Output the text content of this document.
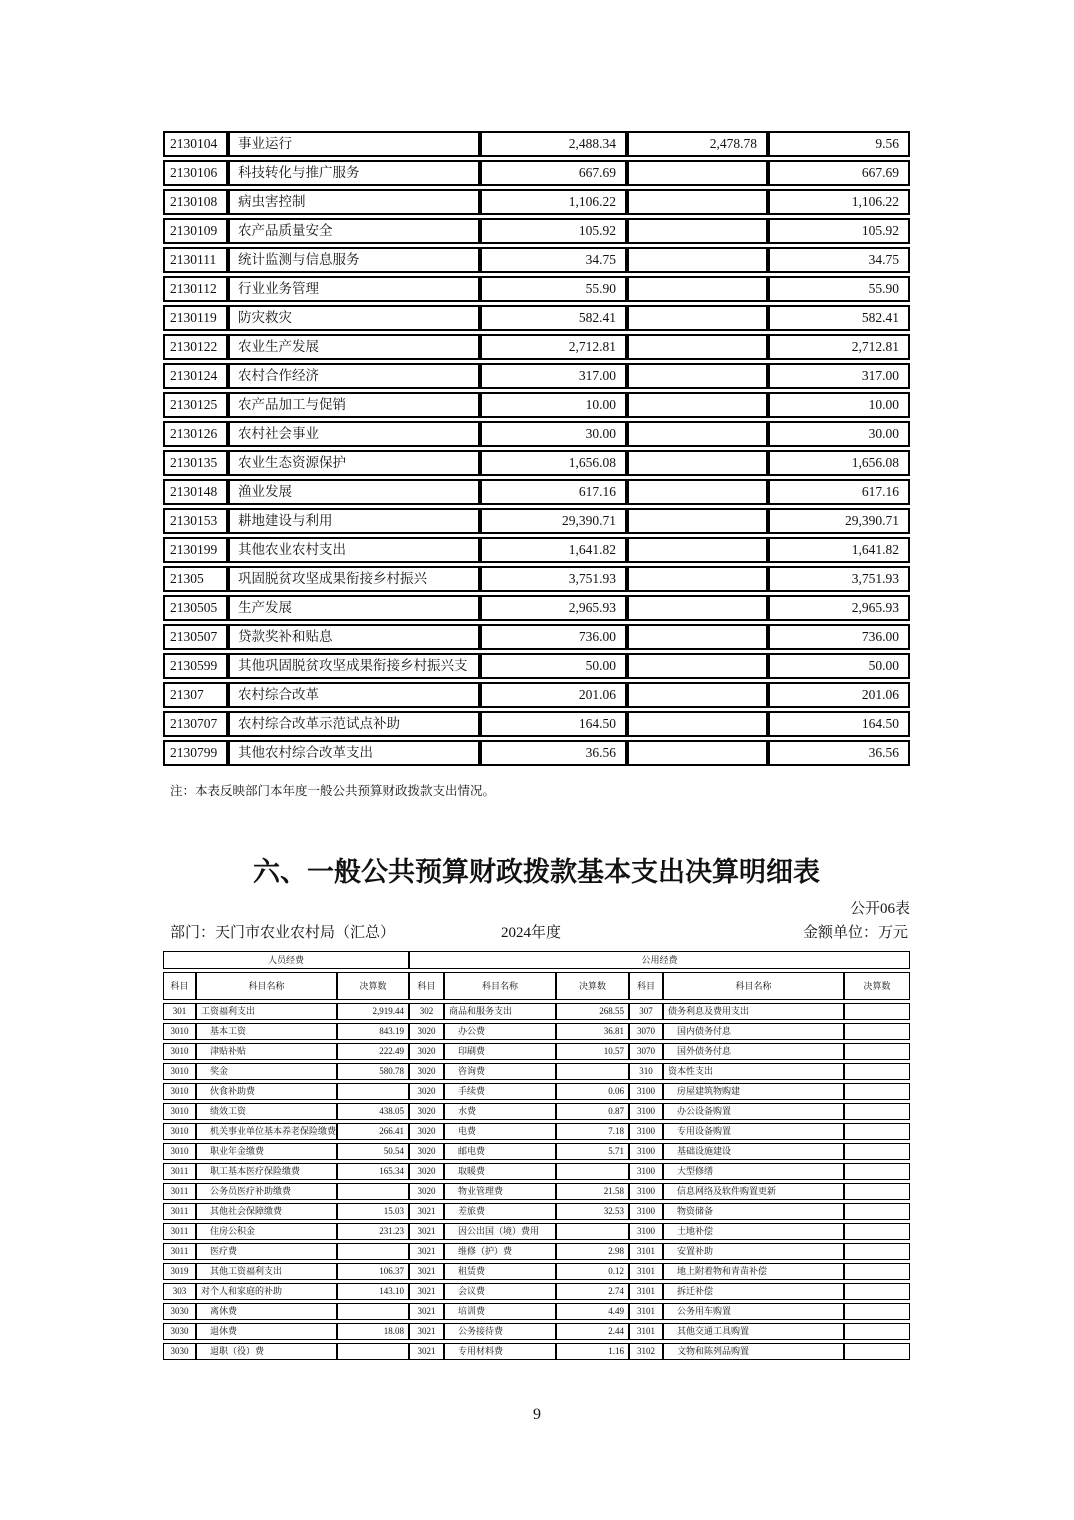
2130104	事业运行	2,488.34	2,478.78	9.56
2130106	科技转化与推广服务	667.69		667.69
2130108	病虫害控制	1,106.22		1,106.22
2130109	农产品质量安全	105.92		105.92
2130111	统计监测与信息服务	34.75		34.75
2130112	行业业务管理	55.90		55.90
2130119	防灾救灾	582.41		582.41
2130122	农业生产发展	2,712.81		2,712.81
2130124	农村合作经济	317.00		317.00
2130125	农产品加工与促销	10.00		10.00
2130126	农村社会事业	30.00		30.00
2130135	农业生态资源保护	1,656.08		1,656.08
2130148	渔业发展	617.16		617.16
2130153	耕地建设与利用	29,390.71		29,390.71
2130199	其他农业农村支出	1,641.82		1,641.82
21305	巩固脱贫攻坚成果衔接乡村振兴	3,751.93		3,751.93
2130505	生产发展	2,965.93		2,965.93
2130507	贷款奖补和贴息	736.00		736.00
2130599	其他巩固脱贫攻坚成果衔接乡村振兴支	50.00		50.00
21307	农村综合改革	201.06		201.06
2130707	农村综合改革示范试点补助	164.50		164.50
2130799	其他农村综合改革支出	36.56		36.56
注：本表反映部门本年度一般公共预算财政拨款支出情况。
六、一般公共预算财政拨款基本支出决算明细表
公开06表
部门：天门市农业农村局（汇总）	2024年度	金额单位：万元
人员经费			公用经费					
科目	科目名称	决算数	科目	科目名称	决算数	科目	科目名称	决算数
301	工资福利支出	2,919.44	302	商品和服务支出	268.55	307	债务利息及费用支出	
3010	基本工资	843.19	3020	办公费	36.81	3070	国内债务付息	
3010	津贴补贴	222.49	3020	印刷费	10.57	3070	国外债务付息	
3010	奖金	580.78	3020	咨询费		310	资本性支出	
3010	伙食补助费		3020	手续费	0.06	3100	房屋建筑物购建	
3010	绩效工资	438.05	3020	水费	0.87	3100	办公设备购置	
3010	机关事业单位基本养老保险缴费	266.41	3020	电费	7.18	3100	专用设备购置	
3010	职业年金缴费	50.54	3020	邮电费	5.71	3100	基础设施建设	
3011	职工基本医疗保险缴费	165.34	3020	取暖费		3100	大型修缮	
3011	公务员医疗补助缴费		3020	物业管理费	21.58	3100	信息网络及软件购置更新	
3011	其他社会保障缴费	15.03	3021	差旅费	32.53	3100	物资储备	
3011	住房公积金	231.23	3021	因公出国（境）费用		3100	土地补偿	
3011	医疗费		3021	维修（护）费	2.98	3101	安置补助	
3019	其他工资福利支出	106.37	3021	租赁费	0.12	3101	地上附着物和青苗补偿	
303	对个人和家庭的补助	143.10	3021	会议费	2.74	3101	拆迁补偿	
3030	离休费		3021	培训费	4.49	3101	公务用车购置	
3030	退休费	18.08	3021	公务接待费	2.44	3101	其他交通工具购置	
3030	退职（役）费		3021	专用材料费	1.16	3102	文物和陈列品购置	
9
